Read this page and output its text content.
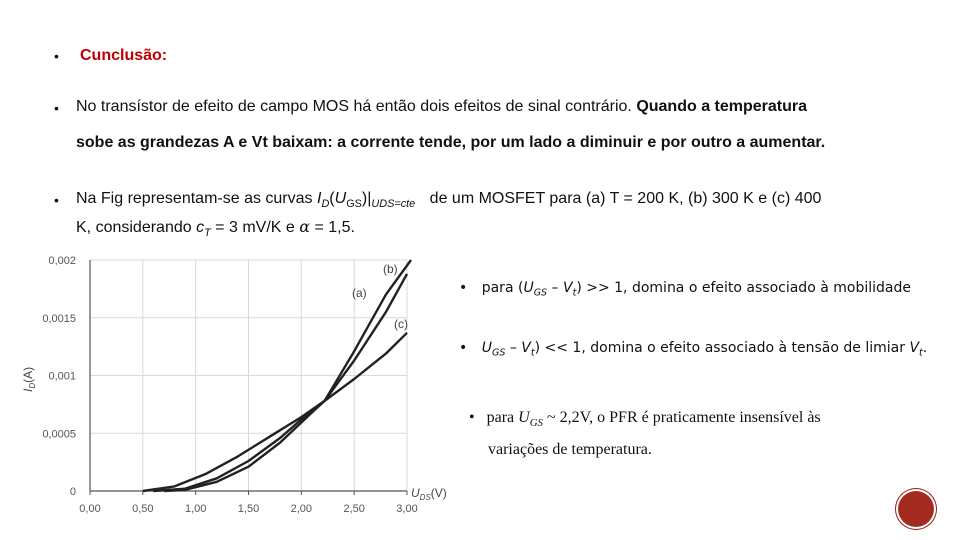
• Cunclusão:
• No transístor de efeito de campo MOS há então dois efeitos de sinal contrário. Quando a temperatura
sobe as grandezas A e Vt baixam: a corrente tende, por um lado a diminuir e por outro a aumentar.
• Na Fig representam-se as curvas $I_D(U_{GS})|_{UDS=cte}$ de um MOSFET para (a) T = 200 K, (b) 300 K e (c) 400
K, considerando $c_T = 3$ mV/K e α = 1,5.
0
0,0005
0,001
0,0015
0,002
0,00	0,50	1,00	1,50	2,00	2,50	3,00
(a)
(b)
(c)
$U_{DS}(V)$
$I_D(A)$
• para $(U_{GS} - V_t) >> 1$, domina o efeito associado à mobilidade
• $U_{GS} - V_t) << 1$, domina o efeito associado à tensão de limiar $V_t$.
• para $U_{GS}$ ~ 2,2V, o PFR é praticamente insensível às
variações de temperatura.
